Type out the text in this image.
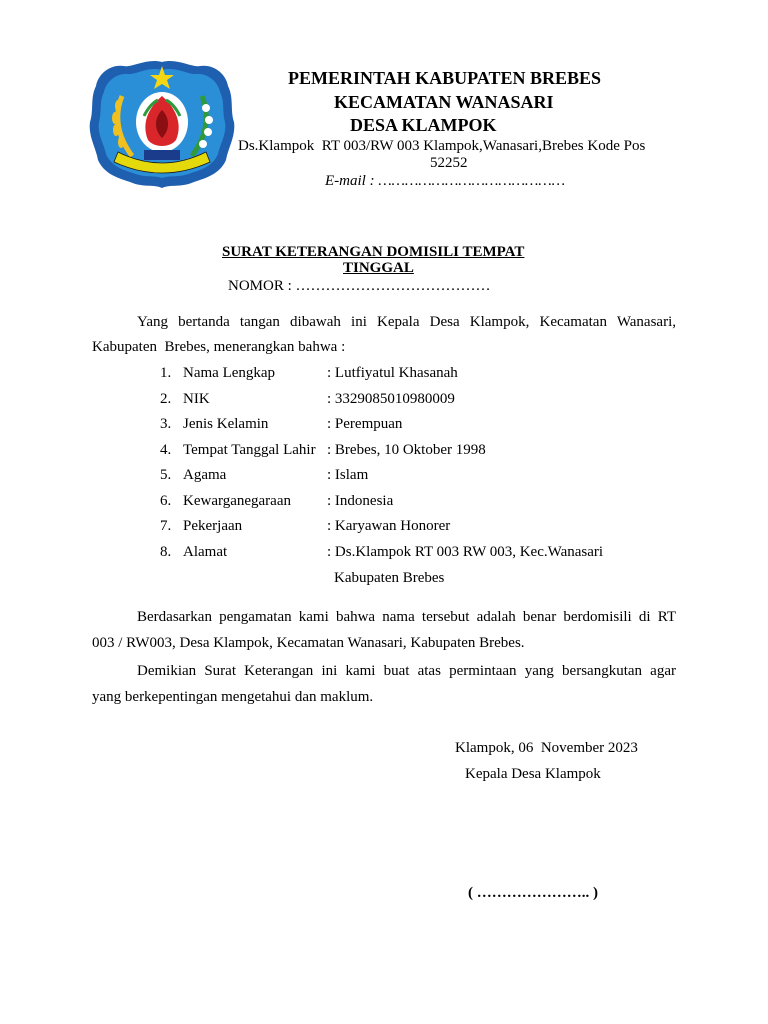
PEMERINTAH KABUPATEN BREBES
KECAMATAN WANASARI
DESA KLAMPOK
Ds.Klampok  RT 003/RW 003 Klampok,Wanasari,Brebes Kode Pos
52252
E-mail : ……………………………………
SURAT KETERANGAN DOMISILI TEMPAT
TINGGAL
NOMOR : …………………………………
Yang  bertanda  tangan  dibawah  ini  Kepala  Desa  Klampok,  Kecamatan  Wanasari,
Kabupaten  Brebes, menerangkan bahwa :
1.	Nama Lengkap	: Lutfiyatul Khasanah
2.	NIK	: 3329085010980009
3.	Jenis Kelamin	: Perempuan
4.	Tempat Tanggal Lahir	: Brebes, 10 Oktober 1998
5.	Agama	: Islam
6.	Kewarganegaraan	: Indonesia
7.	Pekerjaan	: Karyawan Honorer
8.	Alamat	: Ds.Klampok RT 003 RW 003, Kec.Wanasari
Kabupaten Brebes
Berdasarkan pengamatan kami bahwa nama tersebut adalah benar berdomisili di RT
003 / RW003, Desa Klampok, Kecamatan Wanasari, Kabupaten Brebes.
Demikian Surat Keterangan ini kami buat atas permintaan yang bersangkutan agar
yang berkepentingan mengetahui dan maklum.
Klampok, 06  November 2023
Kepala Desa Klampok
( ………………….. )
